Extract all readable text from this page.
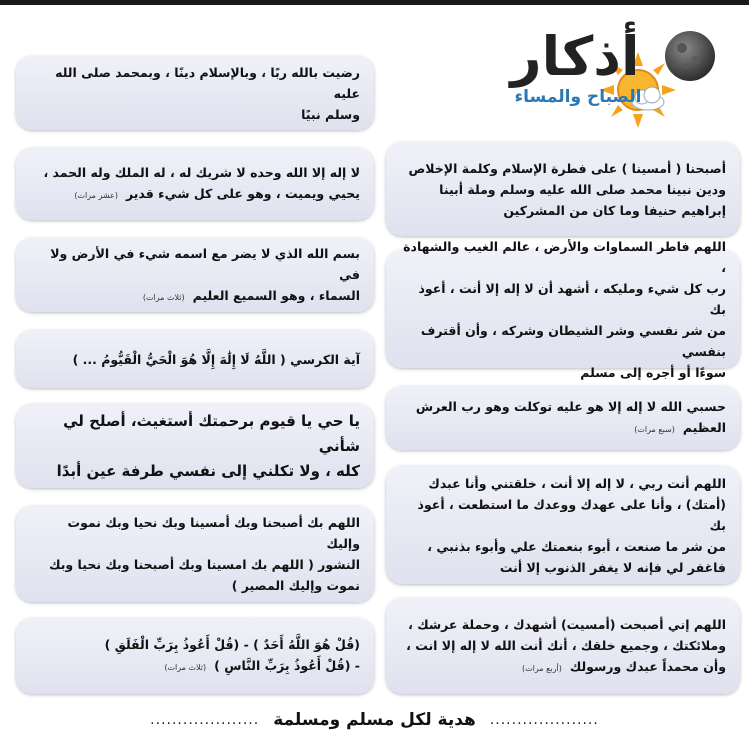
أذكار
الصباح والمساء
أصبحنا ( أمسينا ) على فطرة الإسلام وكلمة الإخلاص
ودين نبينا محمد صلى الله عليه وسلم وملة أبينا
إبراهيم حنيفا وما كان من المشركين
اللهم فاطر السماوات والأرض ، عالم الغيب والشهادة ،
رب كل شيء ومليكه ، أشهد أن لا إله إلا أنت ، أعوذ بك
من شر نفسي وشر الشيطان وشركه ، وأن أقترف بنفسي
سوءًا أو أجره إلى مسلم
حسبي الله لا إله إلا هو عليه توكلت وهو رب العرش
العظيم(سبع مرات)
اللهم أنت ربي ، لا إله إلا أنت ، خلقتني وأنا عبدك
(أمتك) ، وأنا على عهدك ووعدك ما استطعت ، أعوذ بك
من شر ما صنعت ، أبوء بنعمتك علي وأبوء بذنبي ،
فاغفر لي فإنه لا يغفر الذنوب إلا أنت
اللهم إني أصبحت (أمسيت) أشهدك ، وحملة عرشك ،
وملائكتك ، وجميع خلقك ، أنك أنت الله لا إله إلا انت ،
وأن محمداً عبدك ورسولك(أربع مرات)
رضيت بالله ربًا ، وبالإسلام دينًا ، وبمحمد صلى الله عليه
وسلم نبيًا
لا إله إلا الله وحده لا شريك له ، له الملك وله الحمد ،
يحيي ويميت ، وهو على كل شيء قدير(عشر مرات)
بسم الله الذي لا يضر مع اسمه شيء في الأرض ولا في
السماء ، وهو السميع العليم(ثلاث مرات)
آية الكرسي ( اللَّهُ لَا إِلَٰهَ إِلَّا هُوَ الْحَيُّ الْقَيُّومُ ... )
يا حي يا قيوم برحمتك أستغيث، أصلح لي شأني
كله ، ولا تكلني إلى نفسي طرفة عين أبدًا
اللهم بك أصبحنا وبك أمسينا وبك نحيا وبك نموت وإليك
النشور ( اللهم بك امسينا وبك أصبحنا وبك نحيا وبك
نموت وإليك المصير )
(قُلْ هُوَ اللَّهُ أَحَدٌ ) - (قُلْ أَعُوذُ بِرَبِّ الْفَلَقِ )
- (قُلْ أَعُوذُ بِرَبِّ النَّاسِ )(ثلاث مرات)
....................
هدية لكل مسلم ومسلمة
....................
